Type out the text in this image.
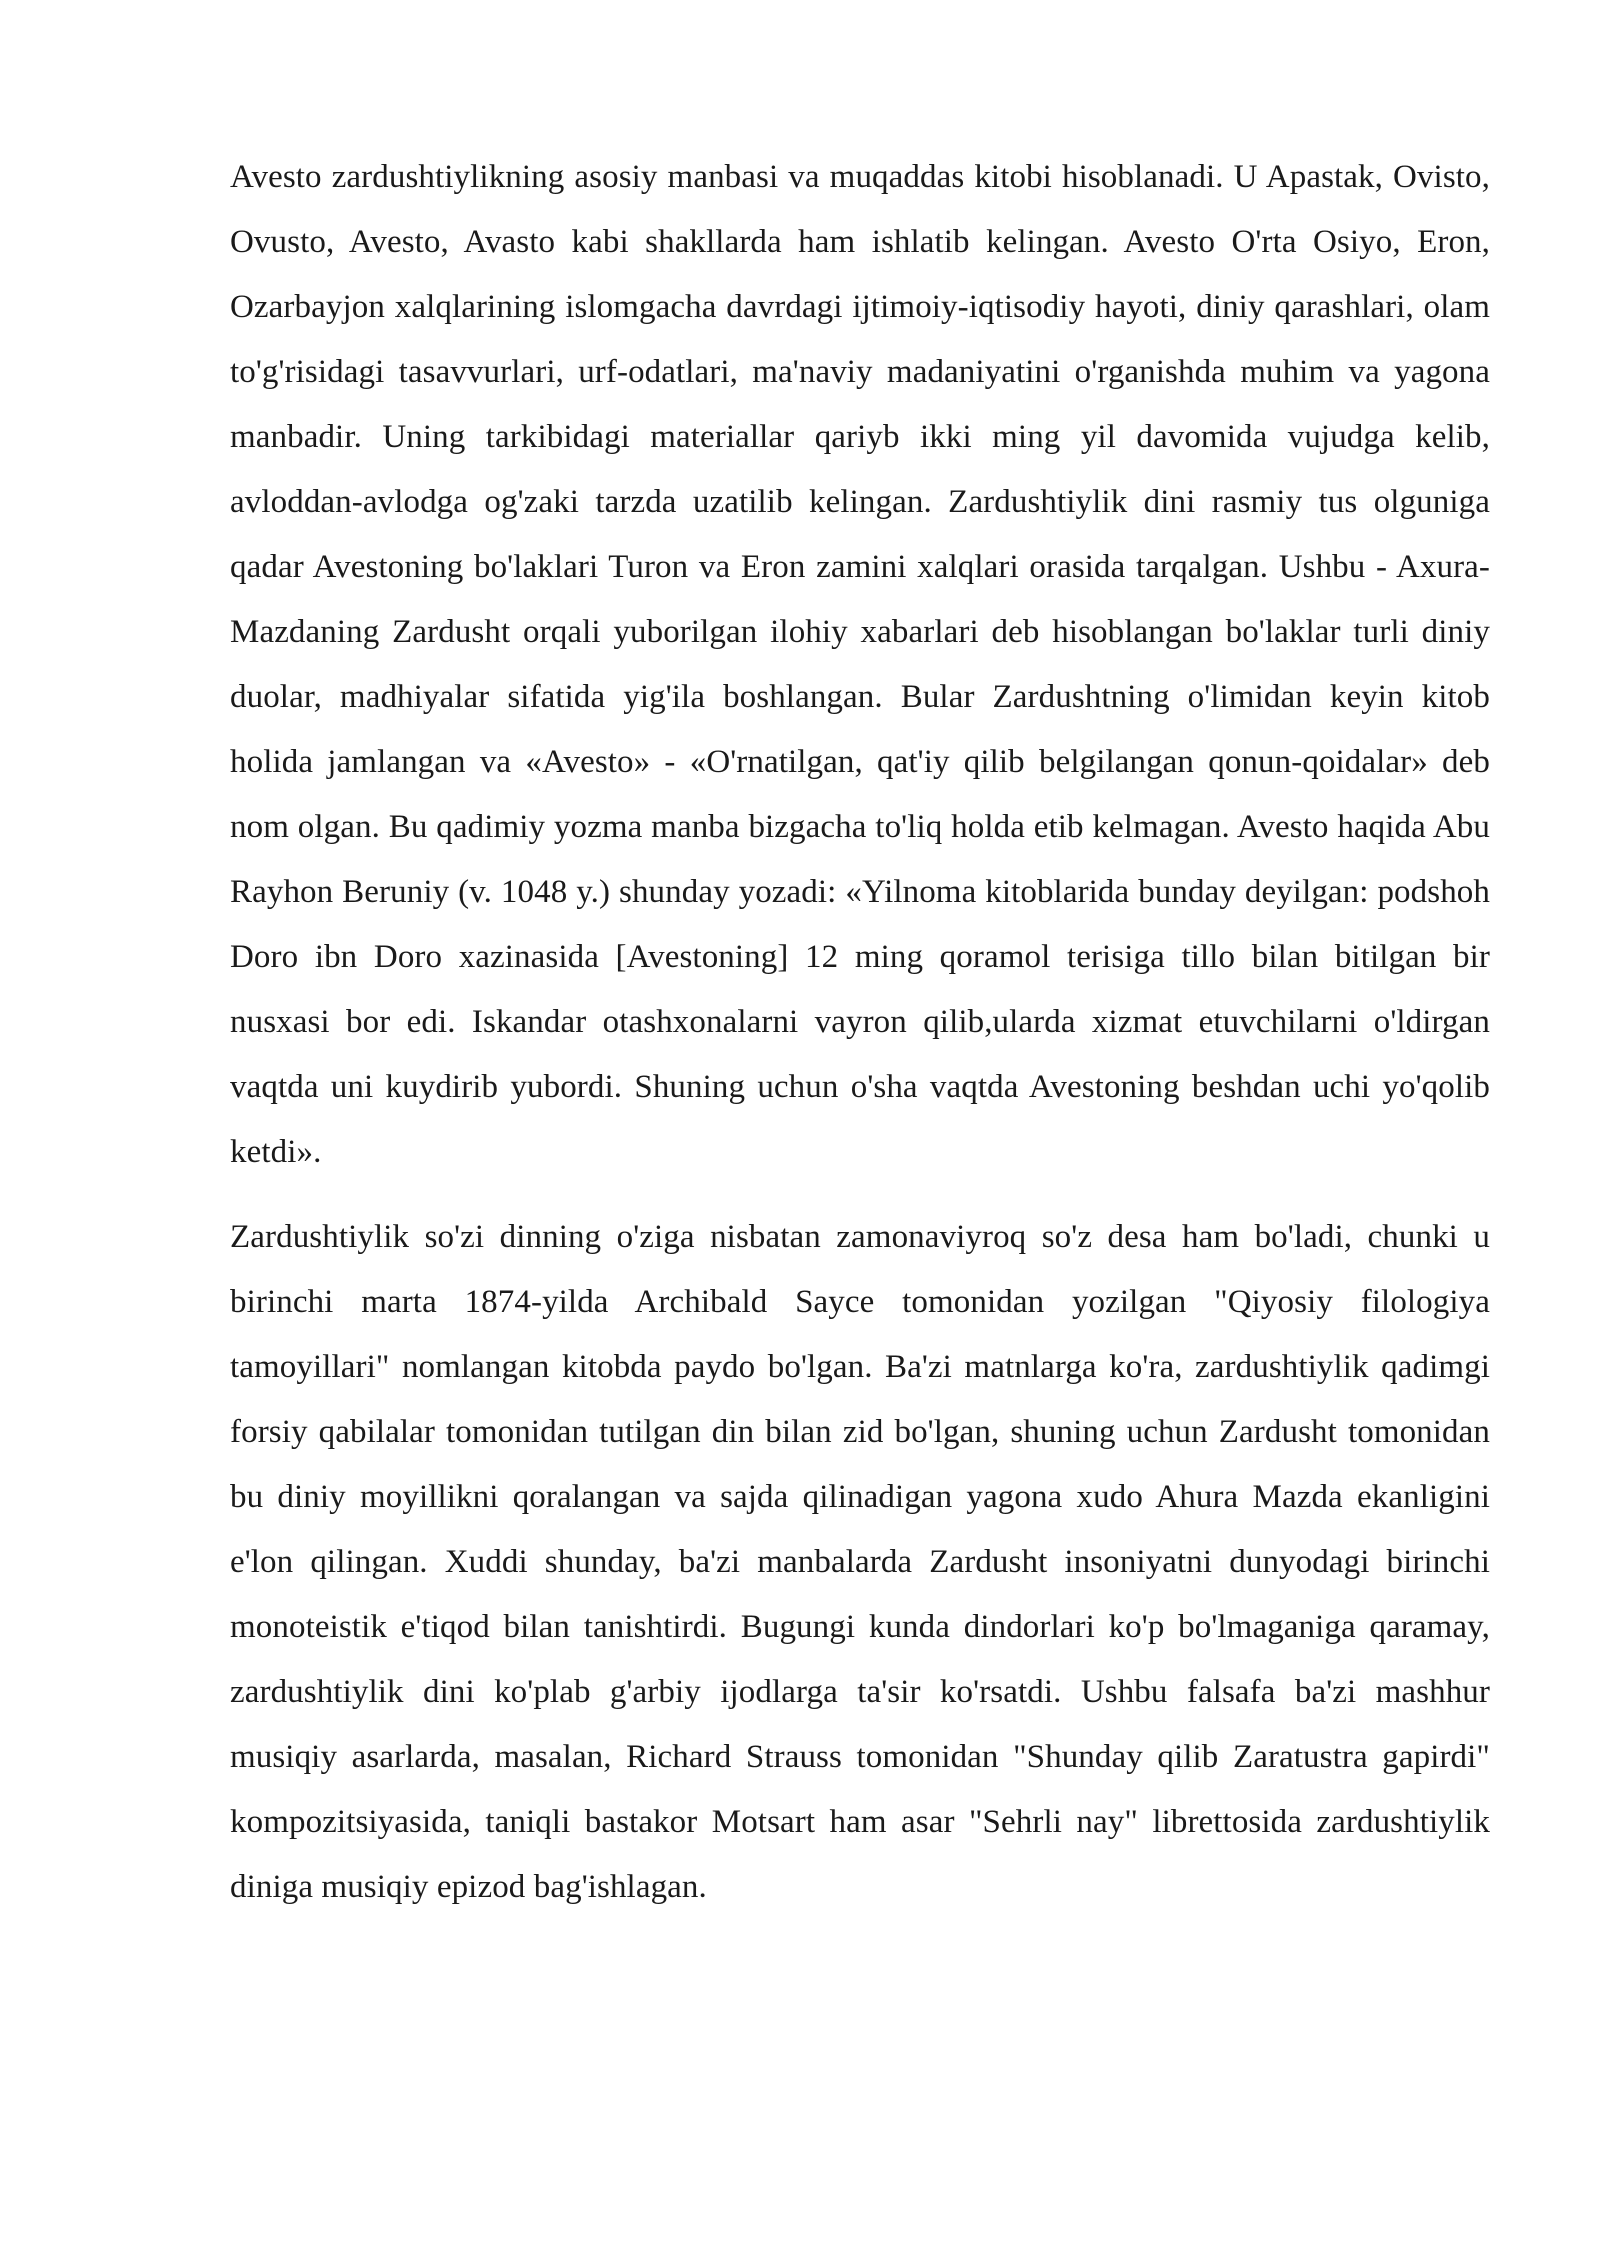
Avesto zardushtiylikning asosiy manbasi va muqaddas kitobi hisoblanadi. U Apastak, Ovisto, Ovusto, Avesto, Avasto kabi shakllarda ham ishlatib kelingan. Avesto O'rta Osiyo, Eron, Ozarbayjon xalqlarining islomgacha davrdagi ijtimoiy-iqtisodiy hayoti, diniy qarashlari, olam to'g'risidagi tasavvurlari, urf-odatlari, ma'naviy madaniyatini o'rganishda muhim va yagona manbadir. Uning tarkibidagi materiallar qariyb ikki ming yil davomida vujudga kelib, avloddan-avlodga og'zaki tarzda uzatilib kelingan. Zardushtiylik dini rasmiy tus olguniga qadar Avestoning bo'laklari Turon va Eron zamini xalqlari orasida tarqalgan. Ushbu - Axura-Mazdaning Zardusht orqali yuborilgan ilohiy xabarlari deb hisoblangan bo'laklar turli diniy duolar, madhiyalar sifatida yig'ila boshlangan. Bular Zardushtning o'limidan keyin kitob holida jamlangan va «Avesto» - «O'rnatilgan, qat'iy qilib belgilangan qonun-qoidalar» deb nom olgan. Bu qadimiy yozma manba bizgacha to'liq holda etib kelmagan. Avesto haqida Abu Rayhon Beruniy (v. 1048 y.) shunday yozadi: «Yilnoma kitoblarida bunday deyilgan: podshoh Doro ibn Doro xazinasida [Avestoning] 12 ming qoramol terisiga tillo bilan bitilgan bir nusxasi bor edi. Iskandar otashxonalarni vayron qilib,ularda xizmat etuvchilarni o'ldirgan vaqtda uni kuydirib yubordi. Shuning uchun o'sha vaqtda Avestoning beshdan uchi yo'qolib ketdi».

Zardushtiylik so'zi dinning o'ziga nisbatan zamonaviyroq so'z desa ham bo'ladi, chunki u birinchi marta 1874-yilda Archibald Sayce tomonidan yozilgan "Qiyosiy filologiya tamoyillari" nomlangan kitobda paydo bo'lgan. Ba'zi matnlarga ko'ra, zardushtiylik qadimgi forsiy qabilalar tomonidan tutilgan din bilan zid bo'lgan, shuning uchun Zardusht tomonidan bu diniy moyillikni qoralangan va sajda qilinadigan yagona xudo Ahura Mazda ekanligini e'lon qilingan. Xuddi shunday, ba'zi manbalarda Zardusht insoniyatni dunyodagi birinchi monoteistik e'tiqod bilan tanishtirdi. Bugungi kunda dindorlari ko'p bo'lmaganiga qaramay, zardushtiylik dini ko'plab g'arbiy ijodlarga ta'sir ko'rsatdi. Ushbu falsafa ba'zi mashhur musiqiy asarlarda, masalan, Richard Strauss tomonidan "Shunday qilib Zaratustra gapirdi" kompozitsiyasida, taniqli bastakor Motsart ham asar "Sehrli nay" librettosida zardushtiylik diniga musiqiy epizod bag'ishlagan.
